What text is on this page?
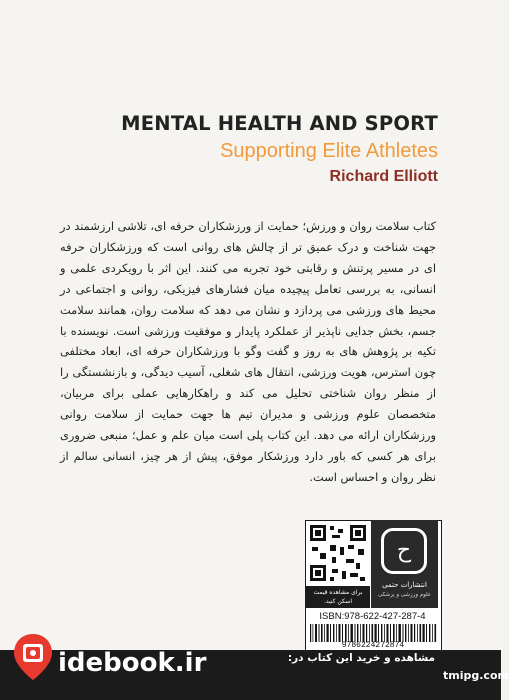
MENTAL HEALTH AND SPORT
Supporting Elite Athletes
Richard Elliott
کتاب سلامت روان و ورزش؛ حمایت از ورزشکاران حرفه ای، تلاشی ارزشمند در جهت شناخت و درک عمیق تر از چالش های روانی است که ورزشکاران حرفه ای در مسیر پرتنش و رقابتی خود تجربه می کنند. این اثر با رویکردی علمی و انسانی، به بررسی تعامل پیچیده میان فشارهای فیزیکی، روانی و اجتماعی در محیط های ورزشی می پردازد و نشان می دهد که سلامت روان، همانند سلامت جسم، بخش جدایی ناپذیر از عملکرد پایدار و موفقیت ورزشی است. نویسنده با تکیه بر پژوهش های به روز و گفت وگو با ورزشکاران حرفه ای، ابعاد مختلفی چون استرس، هویت ورزشی، انتقال های شغلی، آسیب دیدگی، و بازنشستگی را از منظر روان شناختی تحلیل می کند و راهکارهایی عملی برای مربیان، متخصصان علوم ورزشی و مدیران تیم ها جهت حمایت از سلامت روانی ورزشکاران ارائه می دهد. این کتاب پلی است میان علم و عمل؛ منبعی ضروری برای هر کسی که باور دارد ورزشکار موفق، پیش از هر چیز، انسانی سالم از نظر روان و احساس است.
برای مشاهده قیمت اسکن کنید.
ح
انتشارات حتمی
علوم ورزشی و پزشکی
ISBN:978-622-427-287-4
9786224272874
idebook.ir	مشاهده و خرید این کتاب در:
tmipg.com
